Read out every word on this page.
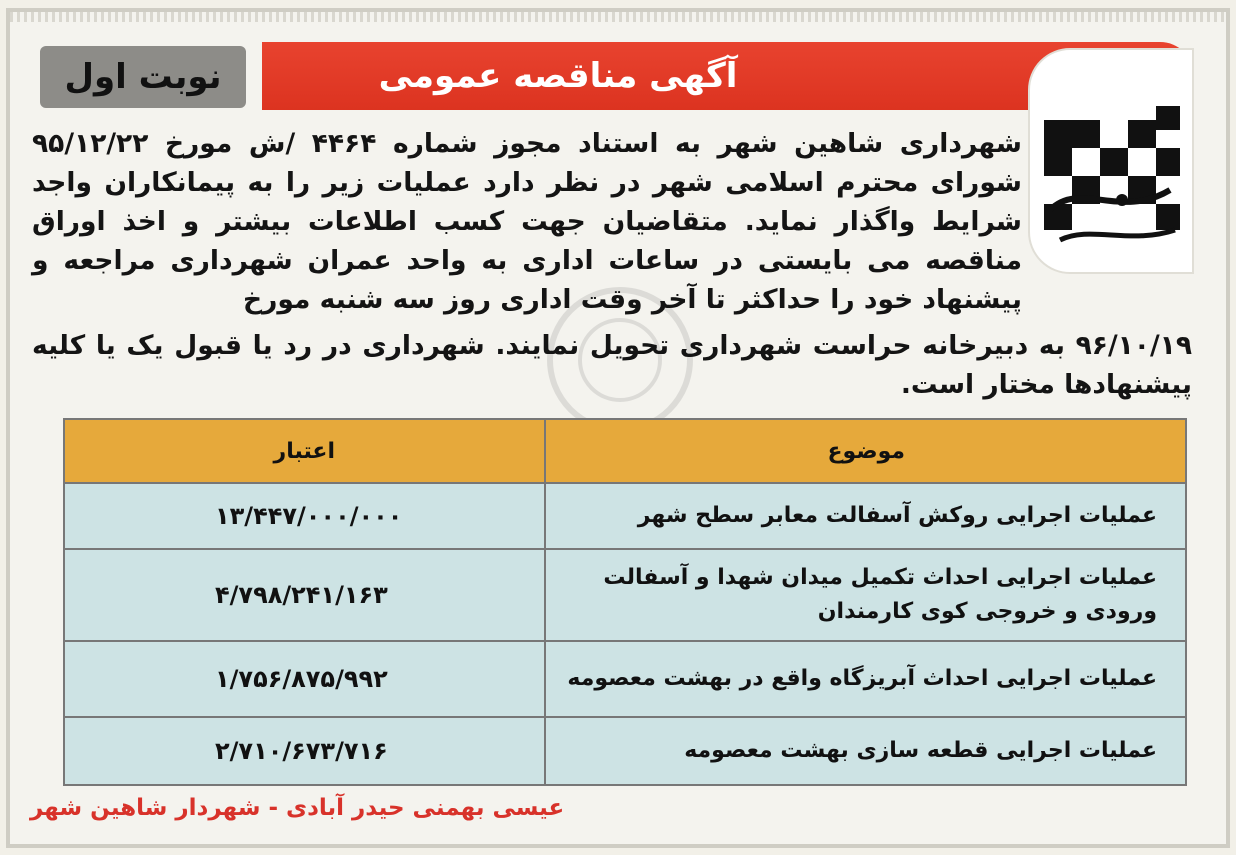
آگهی مناقصه عمومی
نوبت اول
شهرداری شاهین شهر به استناد مجوز شماره ۴۴۶۴ /ش مورخ ۹۵/۱۲/۲۲ شورای محترم اسلامی شهر در نظر دارد عملیات زیر را به پیمانکاران واجد شرایط واگذار نماید. متقاضیان جهت کسب اطلاعات بیشتر و اخذ اوراق مناقصه می بایستی در ساعات اداری به واحد عمران شهرداری مراجعه و پیشنهاد خود را حداکثر تا آخر وقت اداری روز سه شنبه مورخ
۹۶/۱۰/۱۹ به دبیرخانه حراست شهرداری تحویل نمایند. شهرداری در رد یا قبول یک یا کلیه پیشنهادها مختار است.
موضوع	اعتبار
عملیات اجرایی روکش آسفالت معابر سطح شهر	۱۳/۴۴۷/۰۰۰/۰۰۰
عملیات اجرایی احداث تکمیل میدان شهدا و آسفالت ورودی و خروجی کوی کارمندان	۴/۷۹۸/۲۴۱/۱۶۳
عملیات اجرایی احداث آبریزگاه واقع در بهشت معصومه	۱/۷۵۶/۸۷۵/۹۹۲
عملیات اجرایی قطعه سازی بهشت معصومه	۲/۷۱۰/۶۷۳/۷۱۶
عیسی بهمنی حیدر آبادی - شهردار شاهین شهر
